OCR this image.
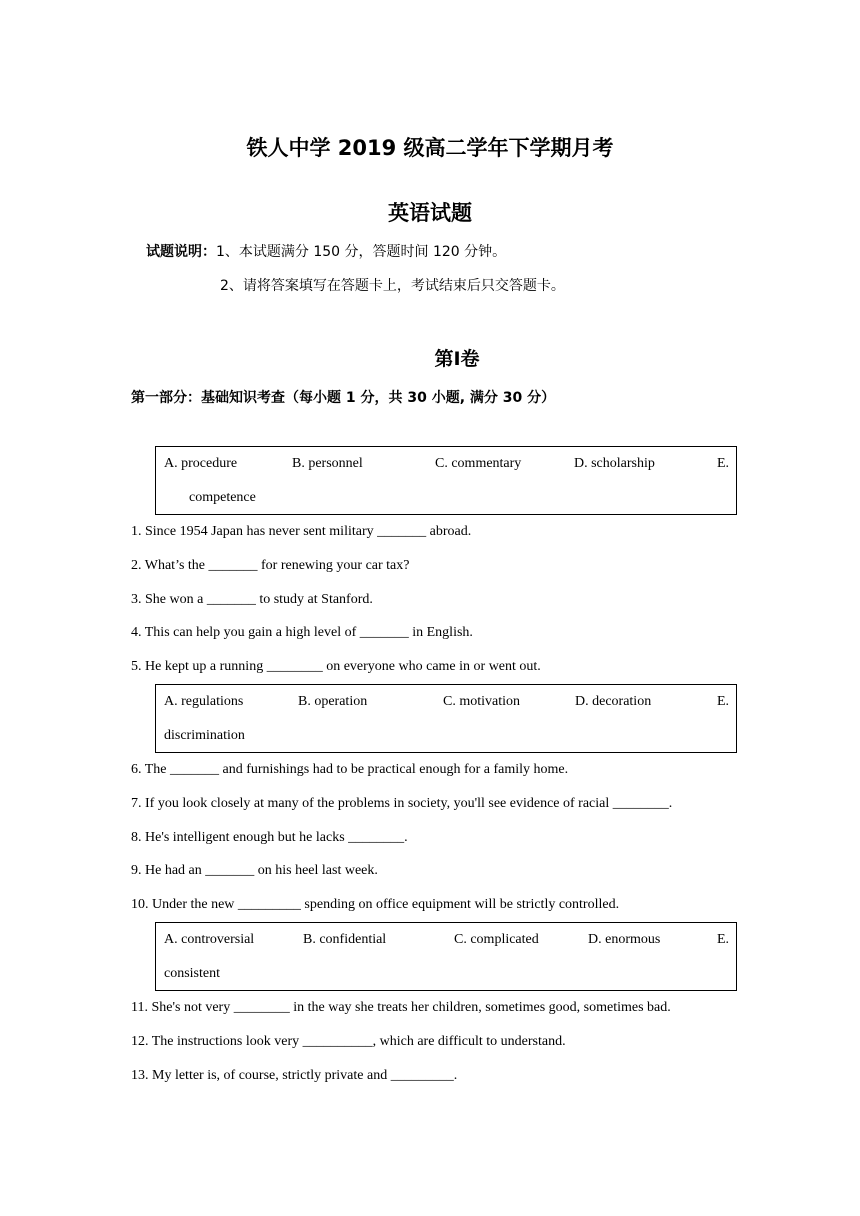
铁人中学 2019 级高二学年下学期月考
英语试题
试题说明：1、本试题满分 150 分，答题时间 120 分钟。
2、请将答案填写在答题卡上，考试结束后只交答题卡。
第I卷
第一部分：基础知识考查（每小题 1 分，共 30 小题, 满分 30 分）
A. procedure	B. personnel	C. commentary	D. scholarship	E.
competence
1. Since 1954 Japan has never sent military _______ abroad.
2. What’s the _______ for renewing your car tax?
3. She won a _______ to study at Stanford.
4. This can help you gain a high level of _______ in English.
5. He kept up a running ________ on everyone who came in or went out.
A. regulations	B. operation	C. motivation	D. decoration	E.
discrimination
6. The _______ and furnishings had to be practical enough for a family home.
7. If you look closely at many of the problems in society, you'll see evidence of racial ________.
8. He's intelligent enough but he lacks ________.
9. He had an _______ on his heel last week.
10. Under the new _________ spending on office equipment will be strictly controlled.
A. controversial	B. confidential	C. complicated	D. enormous	E.
consistent
11. She's not very ________ in the way she treats her children, sometimes good, sometimes bad.
12. The instructions look very __________, which are difficult to understand.
13. My letter is, of course, strictly private and _________.
